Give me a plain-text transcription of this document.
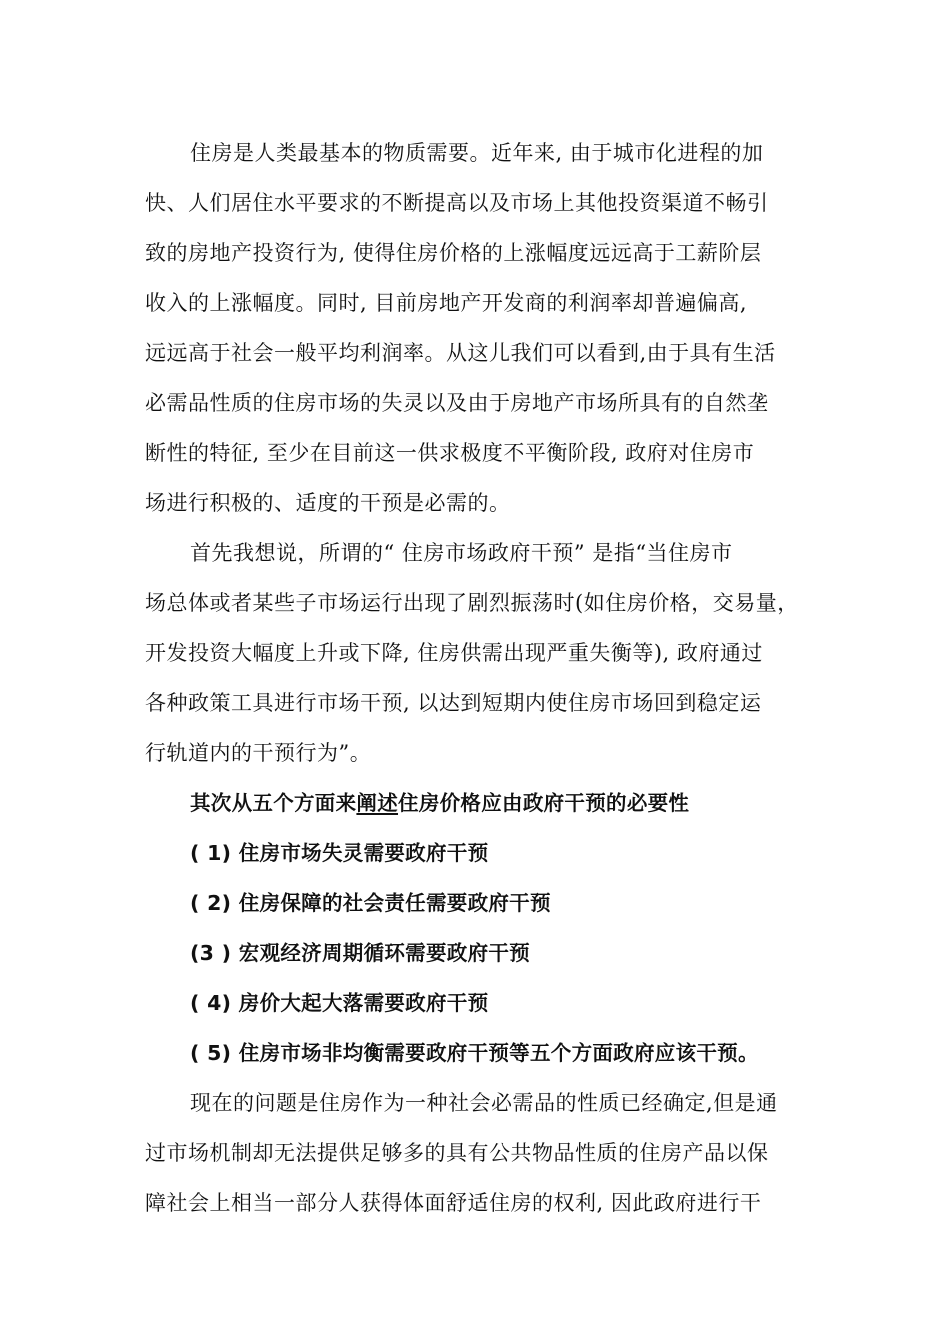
住房是人类最基本的物质需要。近年来, 由于城市化进程的加
快、人们居住水平要求的不断提高以及市场上其他投资渠道不畅引
致的房地产投资行为, 使得住房价格的上涨幅度远远高于工薪阶层
收入的上涨幅度。同时, 目前房地产开发商的利润率却普遍偏高,
远远高于社会一般平均利润率。从这儿我们可以看到,由于具有生活
必需品性质的住房市场的失灵以及由于房地产市场所具有的自然垄
断性的特征, 至少在目前这一供求极度不平衡阶段, 政府对住房市
场进行积极的、适度的干预是必需的。
首先我想说，所谓的“ 住房市场政府干预” 是指“当住房市
场总体或者某些子市场运行出现了剧烈振荡时(如住房价格，交易量，
开发投资大幅度上升或下降, 住房供需出现严重失衡等), 政府通过
各种政策工具进行市场干预, 以达到短期内使住房市场回到稳定运
行轨道内的干预行为”。
其次从五个方面来阐述住房价格应由政府干预的必要性
( 1) 住房市场失灵需要政府干预
( 2) 住房保障的社会责任需要政府干预
(3 ) 宏观经济周期循环需要政府干预
( 4) 房价大起大落需要政府干预
( 5) 住房市场非均衡需要政府干预等五个方面政府应该干预。
现在的问题是住房作为一种社会必需品的性质已经确定,但是通
过市场机制却无法提供足够多的具有公共物品性质的住房产品以保
障社会上相当一部分人获得体面舒适住房的权利, 因此政府进行干
